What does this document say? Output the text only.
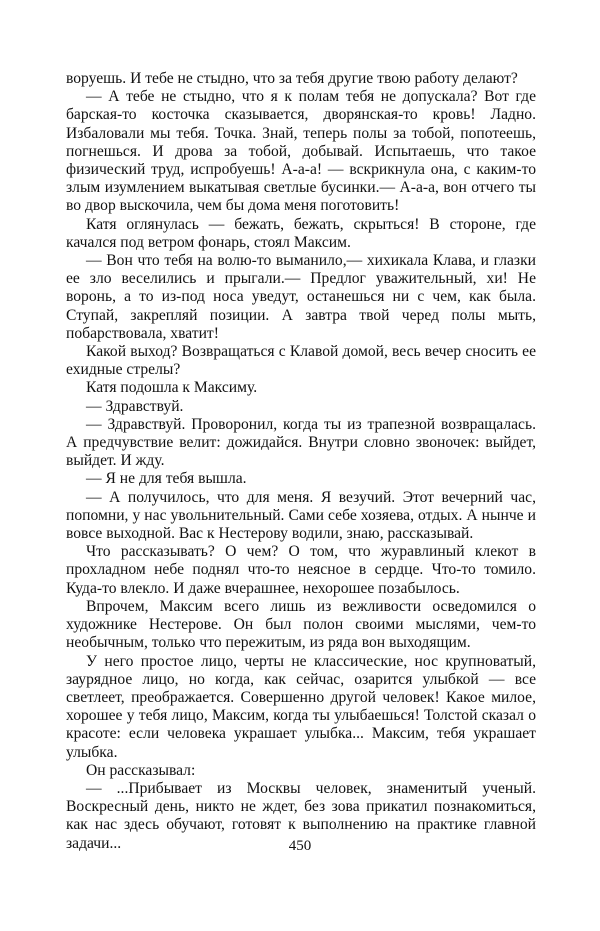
воруешь. И тебе не стыдно, что за тебя другие твою работу делают?

— А тебе не стыдно, что я к полам тебя не допускала? Вот где барская-то косточка сказывается, дворянская-то кровь! Ладно. Избаловали мы тебя. Точка. Знай, теперь полы за тобой, попотеешь, погнешься. И дрова за тобой, добывай. Испытаешь, что такое физический труд, испробуешь! А-а-а! — вскрикнула она, с каким-то злым изумлением выкатывая светлые бусинки.— А-а-а, вон отчего ты во двор выскочила, чем бы дома меня поготовить!

Катя оглянулась — бежать, бежать, скрыться! В стороне, где качался под ветром фонарь, стоял Максим.

— Вон что тебя на волю-то выманило,— хихикала Клава, и глазки ее зло веселились и прыгали.— Предлог уважительный, хи! Не воронь, а то из-под носа уведут, останешься ни с чем, как была. Ступай, закрепляй позиции. А завтра твой черед полы мыть, побарствовала, хватит!

Какой выход? Возвращаться с Клавой домой, весь вечер сносить ее ехидные стрелы?

Катя подошла к Максиму.

— Здравствуй.

— Здравствуй. Проворонил, когда ты из трапезной возвращалась. А предчувствие велит: дожидайся. Внутри словно звоночек: выйдет, выйдет. И жду.

— Я не для тебя вышла.

— А получилось, что для меня. Я везучий. Этот вечерний час, попомни, у нас увольнительный. Сами себе хозяева, отдых. А нынче и вовсе выходной. Вас к Нестерову водили, знаю, рассказывай.

Что рассказывать? О чем? О том, что журавлиный клекот в прохладном небе поднял что-то неясное в сердце. Что-то томило. Куда-то влекло. И даже вчерашнее, нехорошее позабылось.

Впрочем, Максим всего лишь из вежливости осведомился о художнике Нестерове. Он был полон своими мыслями, чем-то необычным, только что пережитым, из ряда вон выходящим.

У него простое лицо, черты не классические, нос крупноватый, заурядное лицо, но когда, как сейчас, озарится улыбкой — все светлеет, преображается. Совершенно другой человек! Какое милое, хорошее у тебя лицо, Максим, когда ты улыбаешься! Толстой сказал о красоте: если человека украшает улыбка... Максим, тебя украшает улыбка.

Он рассказывал:

— ...Прибывает из Москвы человек, знаменитый ученый. Воскресный день, никто не ждет, без зова прикатил познакомиться, как нас здесь обучают, готовят к выполнению на практике главной задачи...	450
